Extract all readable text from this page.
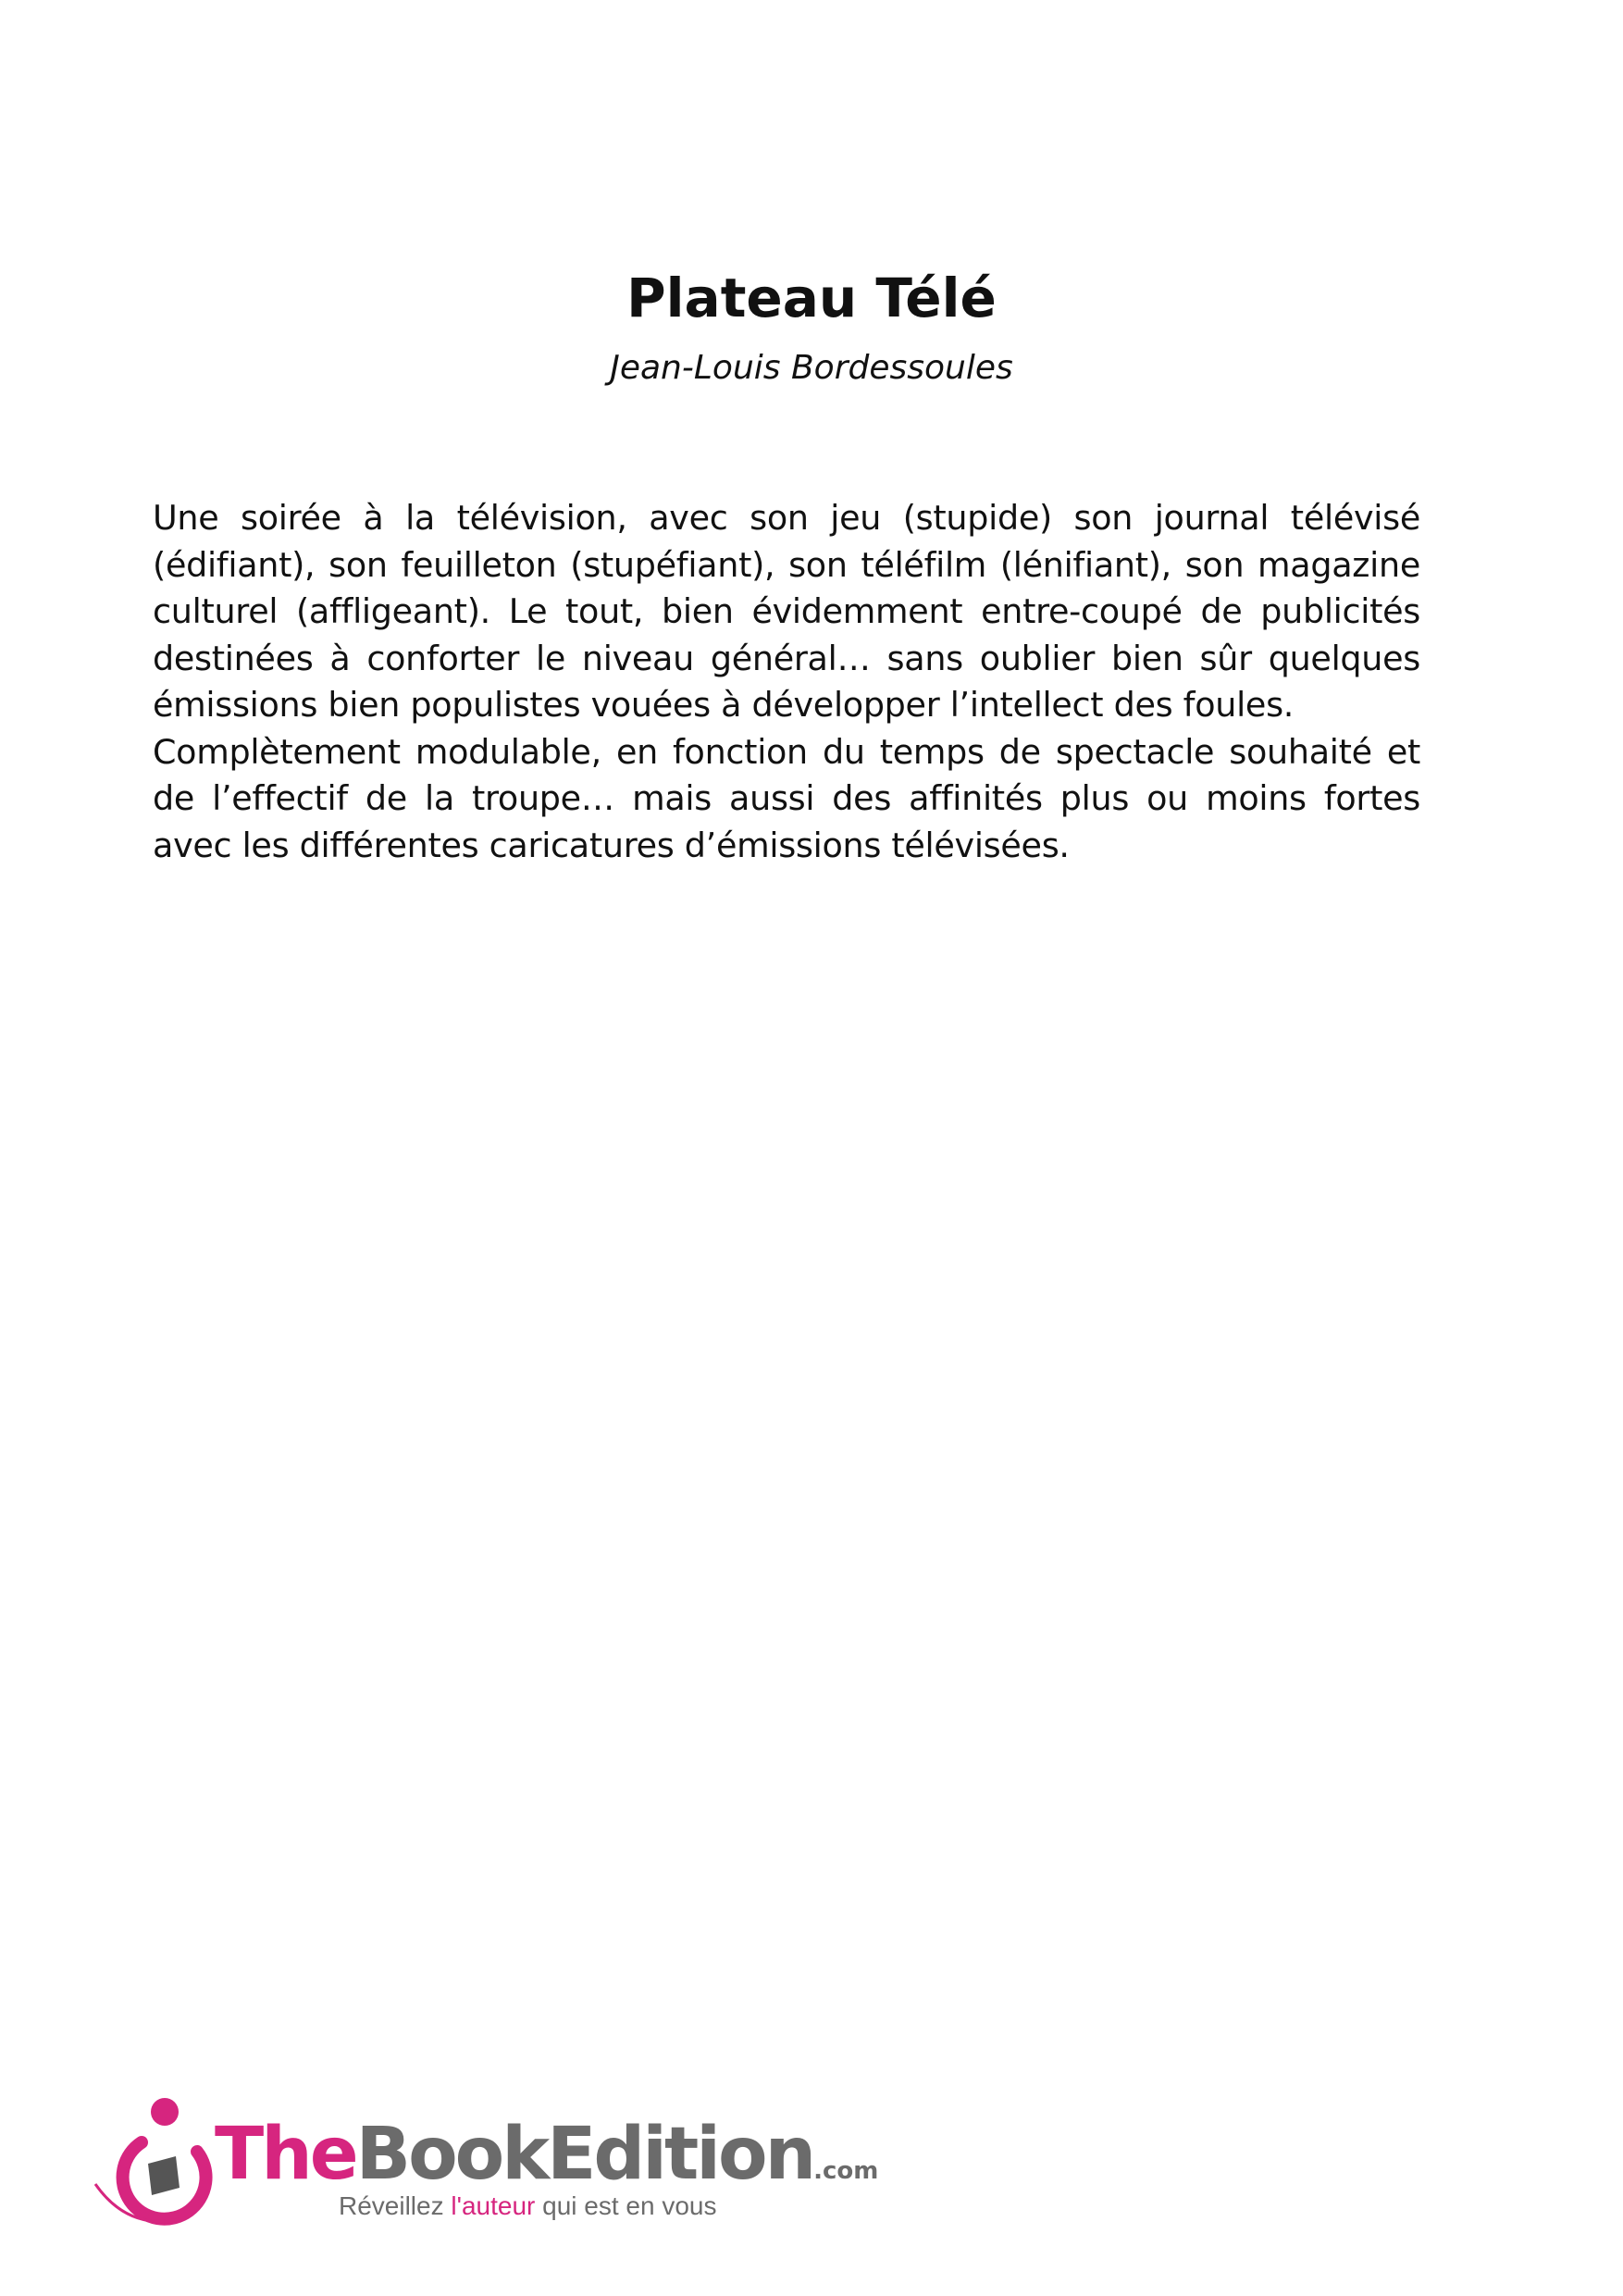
Plateau Télé
Jean-Louis Bordessoules

Une soirée à la télévision, avec son jeu (stupide) son journal télévisé (édifiant), son feuilleton (stupéfiant), son téléfilm (lénifiant), son magazine culturel (affligeant). Le tout, bien évidemment entre-coupé de publicités destinées à conforter le niveau général… sans oublier bien sûr quelques émissions bien populistes vouées à développer l’intellect des foules.

Complètement modulable, en fonction du temps de spectacle souhaité et de l’effectif de la troupe… mais aussi des affinités plus ou moins fortes avec les différentes caricatures d’émissions télévisées.

TheBookEdition.com
Réveillez l'auteur qui est en vous
